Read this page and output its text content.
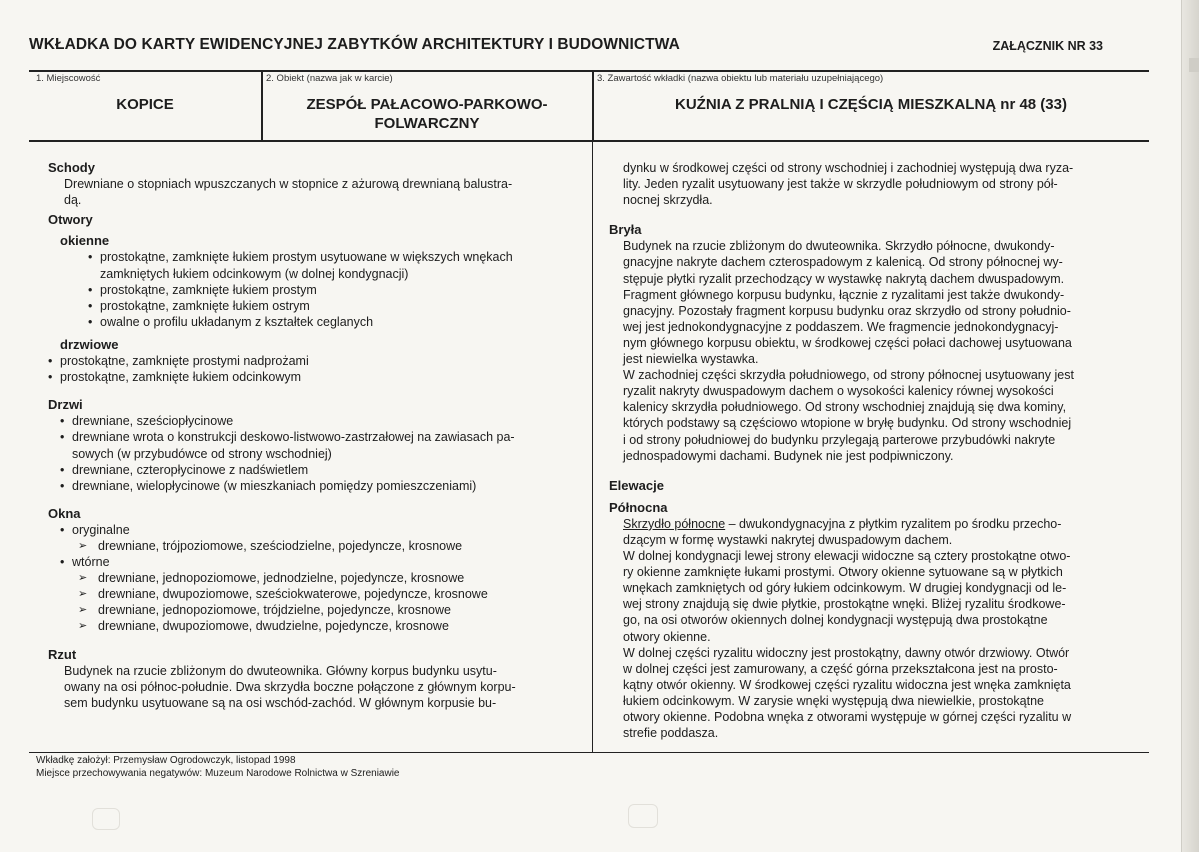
WKŁADKA DO KARTY EWIDENCYJNEJ ZABYTKÓW ARCHITEKTURY I BUDOWNICTWA	ZAŁĄCZNIK NR 33
1. Miejscowość
KOPICE
2. Obiekt (nazwa jak w karcie)
ZESPÓŁ PAŁACOWO-PARKOWO-
FOLWARCZNY
3. Zawartość wkładki (nazwa obiektu lub materiału uzupełniającego)
KUŹNIA Z PRALNIĄ I CZĘŚCIĄ MIESZKALNĄ nr 48 (33)
Schody
Drewniane o stopniach wpuszczanych w stopnice z ażurową drewnianą balustra-
dą.
Otwory
okienne
• prostokątne, zamknięte łukiem prostym usytuowane w większych wnękach
zamkniętych łukiem odcinkowym (w dolnej kondygnacji)
• prostokątne, zamknięte łukiem prostym
• prostokątne, zamknięte łukiem ostrym
• owalne o profilu układanym z kształtek ceglanych
drzwiowe
• prostokątne, zamknięte prostymi nadprożami
• prostokątne, zamknięte łukiem odcinkowym
Drzwi
• drewniane, sześciopłycinowe
• drewniane wrota o konstrukcji deskowo-listwowo-zastrzałowej na zawiasach pa-
sowych (w przybudówce od strony wschodniej)
• drewniane, czteropłycinowe z nadświetlem
• drewniane, wielopłycinowe (w mieszkaniach pomiędzy pomieszczeniami)
Okna
• oryginalne
➢ drewniane, trójpoziomowe, sześciodzielne, pojedyncze, krosnowe
• wtórne
➢ drewniane, jednopoziomowe, jednodzielne, pojedyncze, krosnowe
➢ drewniane, dwupoziomowe, sześciokwaterowe, pojedyncze, krosnowe
➢ drewniane, jednopoziomowe, trójdzielne, pojedyncze, krosnowe
➢ drewniane, dwupoziomowe, dwudzielne, pojedyncze, krosnowe
Rzut
Budynek na rzucie zbliżonym do dwuteownika. Główny korpus budynku usytu-
owany na osi północ-południe. Dwa skrzydła boczne połączone z głównym korpu-
sem budynku usytuowane są na osi wschód-zachód. W głównym korpusie bu-
dynku w środkowej części od strony wschodniej i zachodniej występują dwa ryza-
lity. Jeden ryzalit usytuowany jest także w skrzydle południowym od strony pół-
nocnej skrzydła.
Bryła
Budynek na rzucie zbliżonym do dwuteownika. Skrzydło północne, dwukondy-
gnacyjne nakryte dachem czterospadowym z kalenicą. Od strony północnej wy-
stępuje płytki ryzalit przechodzący w wystawkę nakrytą dachem dwuspadowym.
Fragment głównego korpusu budynku, łącznie z ryzalitami jest także dwukondy-
gnacyjny. Pozostały fragment korpusu budynku oraz skrzydło od strony południo-
wej jest jednokondygnacyjne z poddaszem. We fragmencie jednokondygnacyj-
nym głównego korpusu obiektu, w środkowej części połaci dachowej usytuowana
jest niewielka wystawka.
W zachodniej części skrzydła południowego, od strony północnej usytuowany jest
ryzalit nakryty dwuspadowym dachem o wysokości kalenicy równej wysokości
kalenicy skrzydła południowego. Od strony wschodniej znajdują się dwa kominy,
których podstawy są częściowo wtopione w bryłę budynku. Od strony wschodniej
i od strony południowej do budynku przylegają parterowe przybudówki nakryte
jednospadowymi dachami. Budynek nie jest podpiwniczony.
Elewacje
Północna
Skrzydło północne – dwukondygnacyjna z płytkim ryzalitem po środku przecho-
dzącym w formę wystawki nakrytej dwuspadowym dachem.
W dolnej kondygnacji lewej strony elewacji widoczne są cztery prostokątne otwo-
ry okienne zamknięte łukami prostymi. Otwory okienne sytuowane są w płytkich
wnękach zamkniętych od góry łukiem odcinkowym. W drugiej kondygnacji od le-
wej strony znajdują się dwie płytkie, prostokątne wnęki. Bliżej ryzalitu środkowe-
go, na osi otworów okiennych dolnej kondygnacji występują dwa prostokątne
otwory okienne.
W dolnej części ryzalitu widoczny jest prostokątny, dawny otwór drzwiowy. Otwór
w dolnej części jest zamurowany, a część górna przekształcona jest na prosto-
kątny otwór okienny. W środkowej części ryzalitu widoczna jest wnęka zamknięta
łukiem odcinkowym. W zarysie wnęki występują dwa niewielkie, prostokątne
otwory okienne. Podobna wnęka z otworami występuje w górnej części ryzalitu w
strefie poddasza.
Wkładkę założył: Przemysław Ogrodowczyk, listopad 1998
Miejsce przechowywania negatywów: Muzeum Narodowe Rolnictwa w Szreniawie
